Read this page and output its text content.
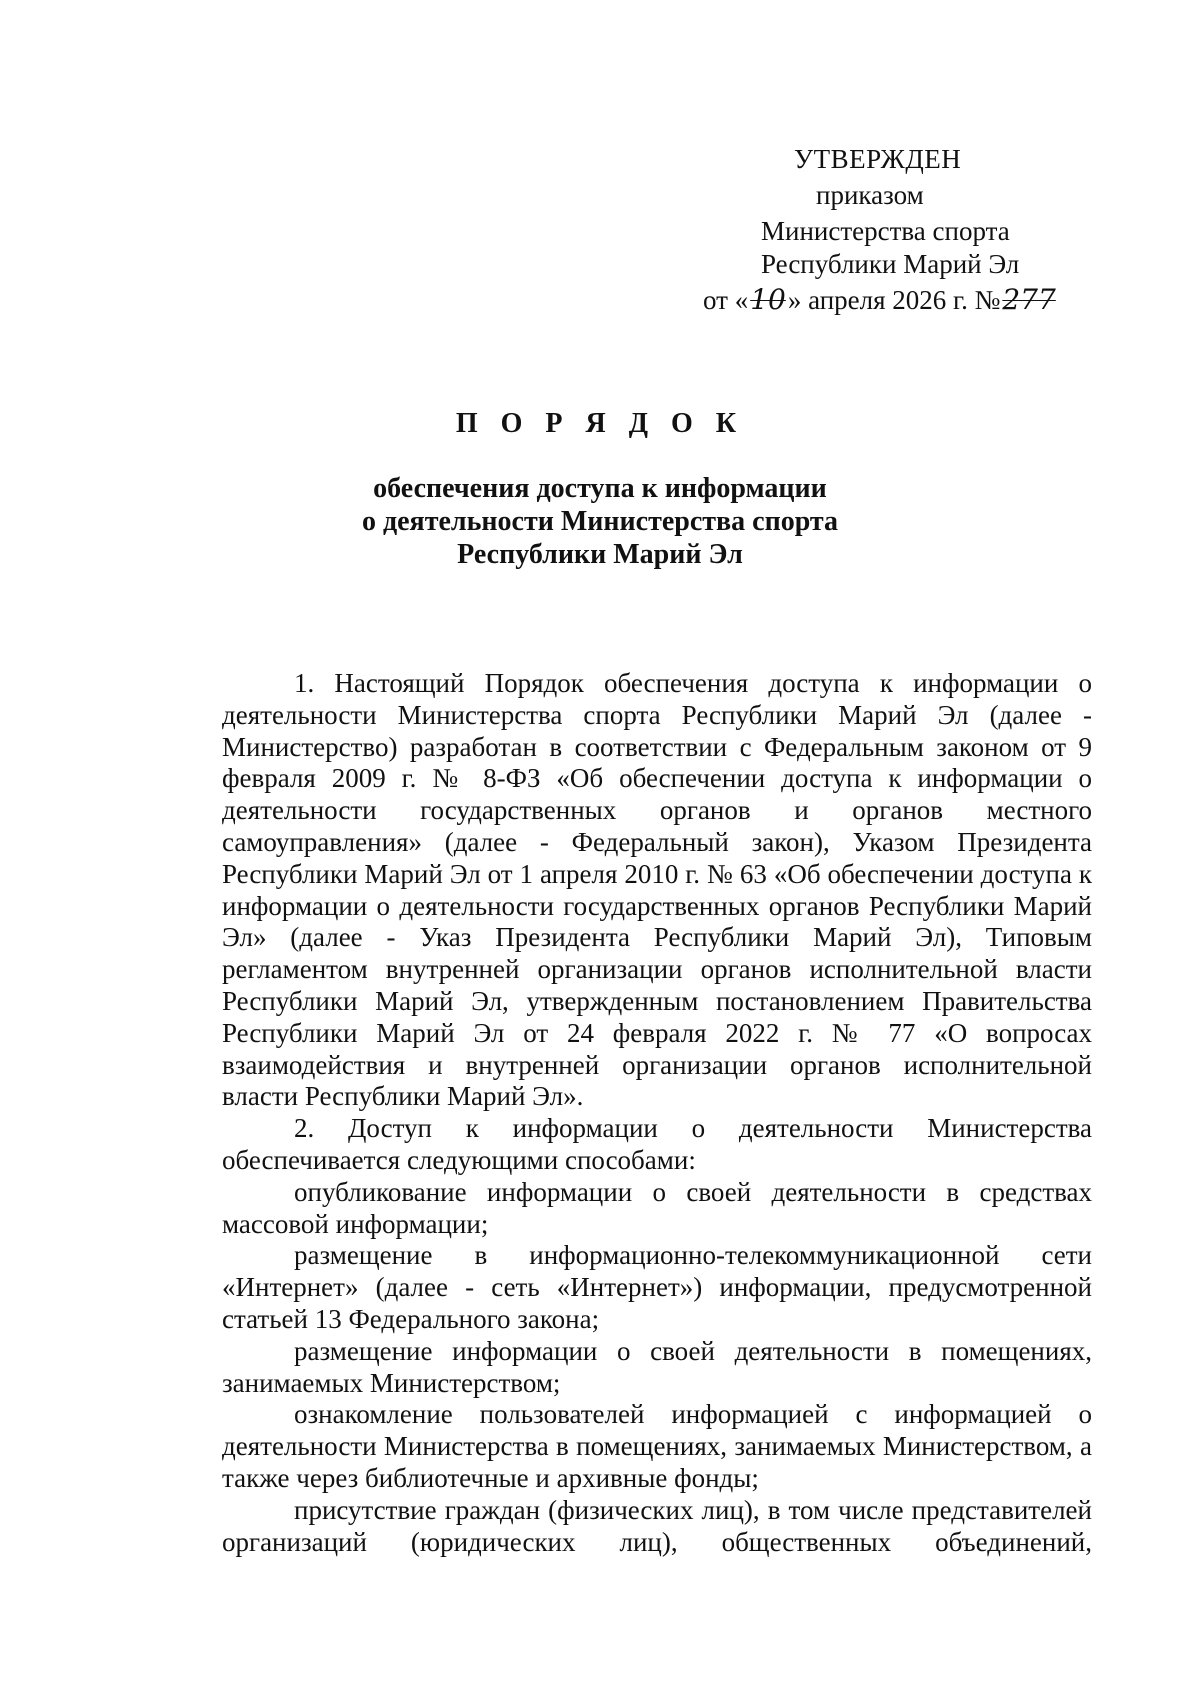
УТВЕРЖДЕН
приказом
Министерства спорта
Республики Марий Эл
от «10» апреля 2026 г. №277
П О Р Я Д О К
обеспечения доступа к информации
о деятельности Министерства спорта
Республики Марий Эл

1. Настоящий Порядок обеспечения доступа к информации о деятельности Министерства спорта Республики Марий Эл (далее - Министерство) разработан в соответствии с Федеральным законом от 9 февраля 2009 г. № 8-ФЗ «Об обеспечении доступа к информации о деятельности государственных органов и органов местного самоуправления» (далее - Федеральный закон), Указом Президента Республики Марий Эл от 1 апреля 2010 г. № 63 «Об обеспечении доступа к информации о деятельности государственных органов Республики Марий Эл» (далее - Указ Президента Республики Марий Эл), Типовым регламентом внутренней организации органов исполнительной власти Республики Марий Эл, утвержденным постановлением Правительства Республики Марий Эл от 24 февраля 2022 г. № 77 «О вопросах взаимодействия и внутренней организации органов исполнительной власти Республики Марий Эл».

2. Доступ к информации о деятельности Министерства обеспечивается следующими способами:

опубликование информации о своей деятельности в средствах массовой информации;

размещение в информационно-телекоммуникационной сети «Интернет» (далее - сеть «Интернет») информации, предусмотренной статьей 13 Федерального закона;

размещение информации о своей деятельности в помещениях, занимаемых Министерством;

ознакомление пользователей информацией с информацией о деятельности Министерства в помещениях, занимаемых Министерством, а также через библиотечные и архивные фонды;

присутствие граждан (физических лиц), в том числе представителей организаций (юридических лиц), общественных объединений,
